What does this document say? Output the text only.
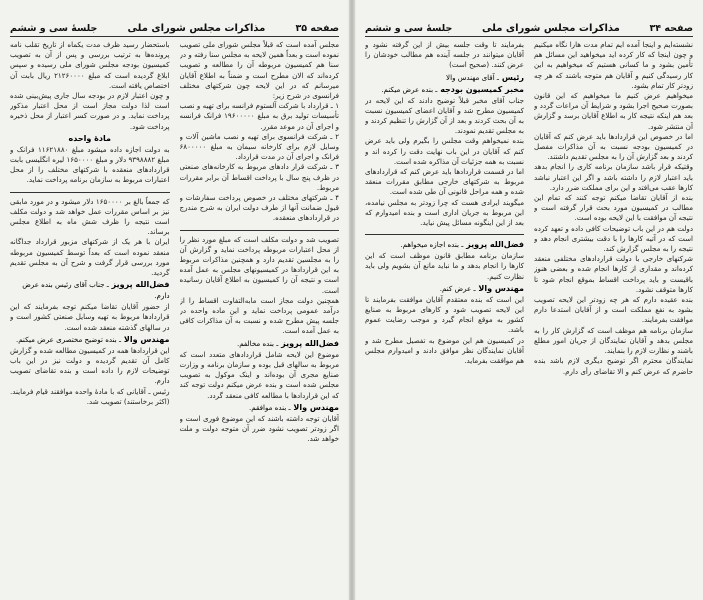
صفحه ۳۵
مذاکرات مجلس شورای ملی
جلسهٔ سی و ششم
مجلس آمده است که قبلاً مجلس شورای ملی تصویب نموده است و بعداً همین لایحه به مجلس سنا رفته و در سنا هم کمیسیون مربوطه آن را مطالعه و تصویب کرده‌اند که الان مطرح است و ضمناً به اطلاع آقایان میرسانم که در این لایحه چون شرکتهای مختلف فرانسوی در شرح زیر:
۱ ـ قرارداد با شرکت آلستوم فرانسه برای تهیه و نصب تأسیسات تولید برق به مبلغ ۱۹۶۰۰۰۰۰ فرانک فرانسه و اجرای آن در موعد مقرر.
۲ ـ شرکت فرانسوی برای تهیه و نصب ماشین آلات و وسایل لازم برای کارخانه سیمان به مبلغ ۶۸۰۰۰۰۰ فرانک و اجرای آن در مدت قرارداد.
۳ ـ شرکت قرار دادهای مربوط به کارخانه‌های صنعتی در ظرف پنج سال با پرداخت اقساط آن برابر مقررات مربوط.
۴ ـ شرکتهای مختلف در خصوص پرداخت سفارشات و قبول ضمانت آنها از طرف دولت ایران به شرح مندرج در قراردادهای منعقده.
تصویب شد و دولت مکلف است که مبلغ مورد نظر را از محل اعتبارات مربوطه پرداخت نماید و گزارش آن را به مجلسین تقدیم دارد و همچنین مذاکرات مربوط به این قراردادها در کمیسیونهای مجلس به عمل آمده است و نتیجه آن را کمیسیون به اطلاع آقایان رسانیده است.
همچنین دولت مجاز است مابه‌التفاوت اقساط را از درآمد عمومی پرداخت نماید و این ماده واحده در جلسه پیش مطرح شده و نسبت به آن مذاکرات کافی به عمل آمده است.
فضل‌الله پرویز ـ بنده مخالفم.
موضوع این لایحه شامل قراردادهای متعدد است که مربوط به سالهای قبل بوده و سازمان برنامه و وزارت صنایع مجری آن بوده‌اند و اینک موکول به تصویب مجلس شده است و بنده عرض میکنم دولت توجه کند که این قراردادها با مطالعه کافی منعقد گردد.
مهندس والا ـ بنده موافقم.
آقایان توجه داشته باشند که این موضوع فوری است و اگر زودتر تصویب نشود ضرر آن متوجه دولت و ملت خواهد شد.
باستحضار رسید ظرف مدت یکماه از تاریخ تقلب نامه پرونده‌ها به ترتیب بررسی و پس از آن به تصویب کمیسیون بودجه مجلس شورای ملی رسیده و سپس ابلاغ گردیده است که مبلغ ۲۱۲۶۰۰۰۰ ریال بابت آن اختصاص یافته است.
و چون اعتبار لازم در بودجه سال جاری پیش‌بینی شده است لذا دولت مجاز است از محل اعتبار مذکور پرداخت نماید. و در صورت کسر اعتبار از محل ذخیره پرداخت شود.
مادهٔ واحده
به دولت اجازه داده میشود مبلغ ۱۱۶۲۱۸۸۰ فرانک و مبلغ ۹۳۹۸۸۸۲ دلار و مبلغ ۱۶۵۰۰۰۰ لیره انگلیسی بابت قراردادهای منعقده با شرکتهای مختلف را از محل اعتبارات مربوط به سازمان برنامه پرداخت نماید.
که جمعاً بالغ بر ۱۶۵۰۰۰۰ دلار میشود و در مورد مابقی نیز بر اساس مقررات عمل خواهد شد و دولت مکلف است نتیجه را ظرف شش ماه به اطلاع مجلس برساند.
ایران با هر یک از شرکتهای مزبور قرارداد جداگانه منعقد نموده است که بعداً توسط کمیسیون مربوطه مورد بررسی قرار گرفت و شرح آن به مجلس تقدیم گردید.
فضل‌الله پرویز ـ جناب آقای رئیس بنده عرض دارم.
از حضور آقایان تقاضا میکنم توجه بفرمایند که این قراردادها مربوط به تهیه وسایل صنعتی کشور است و در سالهای گذشته منعقد شده است.
مهندس والا ـ بنده توضیح مختصری عرض میکنم.
این قراردادها همه در کمیسیون مطالعه شده و گزارش کامل آن تقدیم گردیده و دولت نیز در این باب توضیحات لازم را داده است و بنده تقاضای تصویب دارم.
رئیس ـ آقایانی که با مادهٔ واحده موافقند قیام فرمایند. (اکثر برخاستند) تصویب شد.
صفحه ۳۴
مذاکرات مجلس شورای ملی
جلسهٔ سی و ششم
نشسته‌ایم و اینجا آمده ایم تمام مدت هارا نگاه میکنیم و چون اینجا که کار کرده اید میخواهید این مسائل هم تأمین بشود و ما کسانی هستیم که میخواهیم به این کار رسیدگی کنیم و آقایان هم متوجه باشند که هر چه زودتر کار تمام بشود.
میخواهیم عرض کنیم ما میخواهیم که این قانون بصورت صحیح اجرا بشود و شرایط آن مراعات گردد و بعد هم اینکه نتیجه کار به اطلاع آقایان برسد و گزارش آن منتشر شود.
اما در خصوص این قراردادها باید عرض کنم که آقایان در کمیسیون بودجه نسبت به آن مذاکرات مفصل کردند و بعد گزارش آن را به مجلس تقدیم داشتند.
وقتیکه قرار باشد سازمان برنامه کاری را انجام بدهد باید اعتبار لازم را داشته باشد و اگر این اعتبار نباشد کارها عقب می‌افتد و این برای مملکت ضرر دارد.
بنده از آقایان تقاضا میکنم توجه کنند که تمام این مطالب در کمیسیون مورد بحث قرار گرفته است و نتیجه آن موافقت با این لایحه بوده است.
دولت هم در این باب توضیحات کافی داده و تعهد کرده است که در آتیه کارها را با دقت بیشتری انجام دهد و نتیجه را به مجلس گزارش کند.
شرکتهای خارجی با دولت قراردادهای مختلفی منعقد کرده‌اند و مقداری از کارها انجام شده و بعضی هنوز باقیست و باید پرداخت اقساط بموقع انجام شود تا کارها متوقف نشود.
بنده عقیده دارم که هر چه زودتر این لایحه تصویب بشود به نفع مملکت است و از آقایان استدعا دارم موافقت بفرمایند.
سازمان برنامه هم موظف است که گزارش کار را به مجلس بدهد و آقایان نمایندگان از جریان امور مطلع باشند و نظارت لازم را بنمایند.
نمایندگان محترم اگر توضیح دیگری لازم باشد بنده حاضرم که عرض کنم و الا تقاضای رأی دارم.
بفرمایند تا وقت جلسه بیش از این گرفته نشود و آقایان میتوانند در جلسه آینده هم مطالب خودشان را عرض کنند. (صحیح است)
رئیس ـ آقای مهندس والا
مخبر کمیسیون بودجه ـ بنده عرض میکنم.
جناب آقای مخبر قبلاً توضیح دادند که این لایحه در کمیسیون مطرح شد و آقایان اعضای کمیسیون نسبت به آن بحث کردند و بعد از آن گزارش را تنظیم کردند و به مجلس تقدیم نمودند.
بنده نمیخواهم وقت مجلس را بگیرم ولی باید عرض کنم که آقایان در این باب نهایت دقت را کرده اند و نسبت به همه جزئیات آن مذاکره شده است.
اما در قسمت قراردادها باید عرض کنم که قراردادهای مربوط به شرکتهای خارجی مطابق مقررات منعقد شده و همه مراحل قانونی آن طی شده است.
میگویند ایرادی هست که چرا زودتر به مجلس نیامده، این مربوط به جریان اداری است و بنده امیدوارم که بعد از این اینگونه مسائل پیش نیاید.
فضل‌الله پرویز ـ بنده اجازه میخواهم.
سازمان برنامه مطابق قانون موظف است که این کارها را انجام بدهد و ما نباید مانع آن بشویم ولی باید نظارت کنیم.
مهندس والا ـ عرض کنم.
این است که بنده معتقدم آقایان موافقت بفرمایند تا این لایحه تصویب شود و کارهای مربوط به صنایع کشور به موقع انجام گیرد و موجب رضایت عموم باشد.
در کمیسیون هم این موضوع به تفصیل مطرح شد و آقایان نمایندگان نظر موافق دادند و امیدوارم مجلس هم موافقت بفرماید.
